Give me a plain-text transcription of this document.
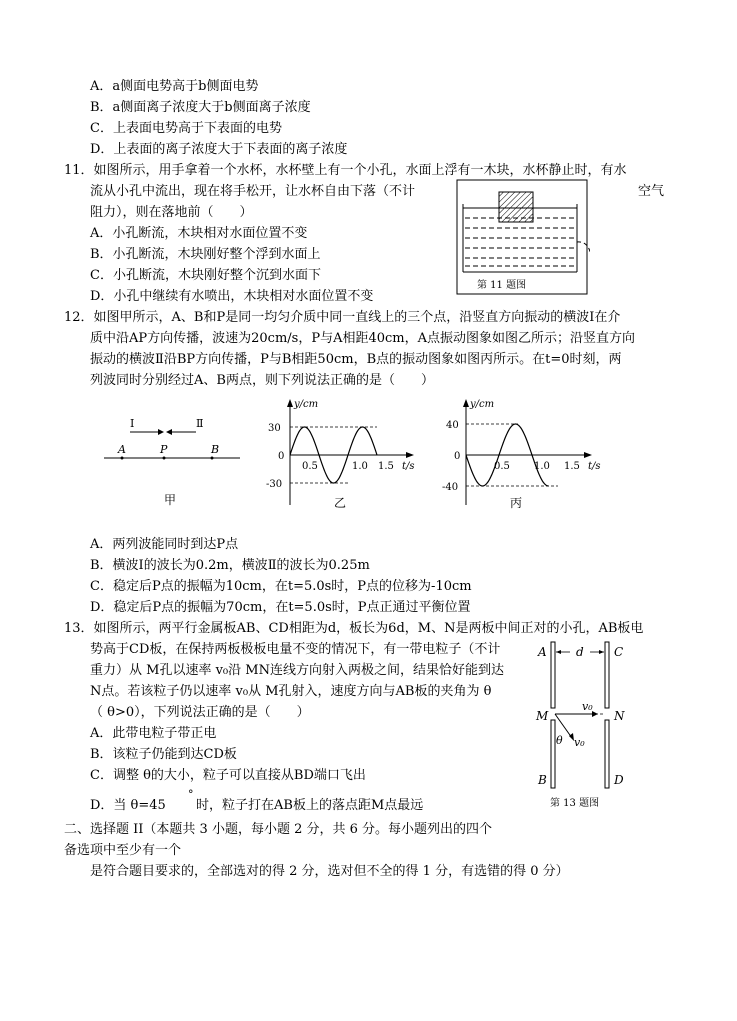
A．a侧面电势高于b侧面电势
B．a侧面离子浓度大于b侧面离子浓度
C．上表面电势高于下表面的电势
D．上表面的离子浓度大于下表面的离子浓度
11．如图所示，用手拿着一个水杯，水杯壁上有一个小孔，水面上浮有一木块，水杯静止时，有水
流从小孔中流出，现在将手松开，让水杯自由下落（不计	空气
阻力），则在落地前（　　）
A．小孔断流，木块相对水面位置不变
B．小孔断流，木块刚好整个浮到水面上
C．小孔断流，木块刚好整个沉到水面下
D．小孔中继续有水喷出，木块相对水面位置不变
第 11 题图
12．如图甲所示，A、B和P是同一均匀介质中同一直线上的三个点，沿竖直方向振动的横波Ⅰ在介
质中沿AP方向传播，波速为20cm/s，P与A相距40cm，A点振动图象如图乙所示；沿竖直方向
振动的横波Ⅱ沿BP方向传播，P与B相距50cm，B点的振动图象如图丙所示。在t=0时刻，两
列波同时分别经过A、B两点，则下列说法正确的是（　　）
Ⅰ	Ⅱ
A	P	B
甲
y/cm
t/s
30
0
-30
0.5	1.0 1.5
乙
y/cm
t/s
40
0
-40
0.5 1.0 1.5
丙
A．两列波能同时到达P点
B．横波Ⅰ的波长为0.2m，横波Ⅱ的波长为0.25m
C．稳定后P点的振幅为10cm，在t=5.0s时，P点的位移为-10cm
D．稳定后P点的振幅为70cm，在t=5.0s时，P点正通过平衡位置
13．如图所示，两平行金属板AB、CD相距为d，板长为6d，M、N是两板中间正对的小孔，AB板电
势高于CD板，在保持两板极板电量不变的情况下，有一带电粒子（不计
重力）从 M孔以速率 v₀沿 MN连线方向射入两极之间，结果恰好能到达
N点。若该粒子仍以速率 v₀从 M孔射入，速度方向与AB板的夹角为 θ
（ θ>0），下列说法正确的是（　　）
A．此带电粒子带正电
B．该粒子仍能到达CD板
C．调整 θ的大小，粒子可以直接从BD端口飞出
D．当 θ=45
°
时，粒子打在AB板上的落点距M点最远
d
v₀
θ v₀
A
B
C
D
M	N
第 13 题图
二、选择题 II（本题共 3 小题，每小题 2 分，共 6 分。每小题列出的四个
备选项中至少有一个
是符合题目要求的，全部选对的得 2 分，选对但不全的得 1 分，有选错的得 0 分）
